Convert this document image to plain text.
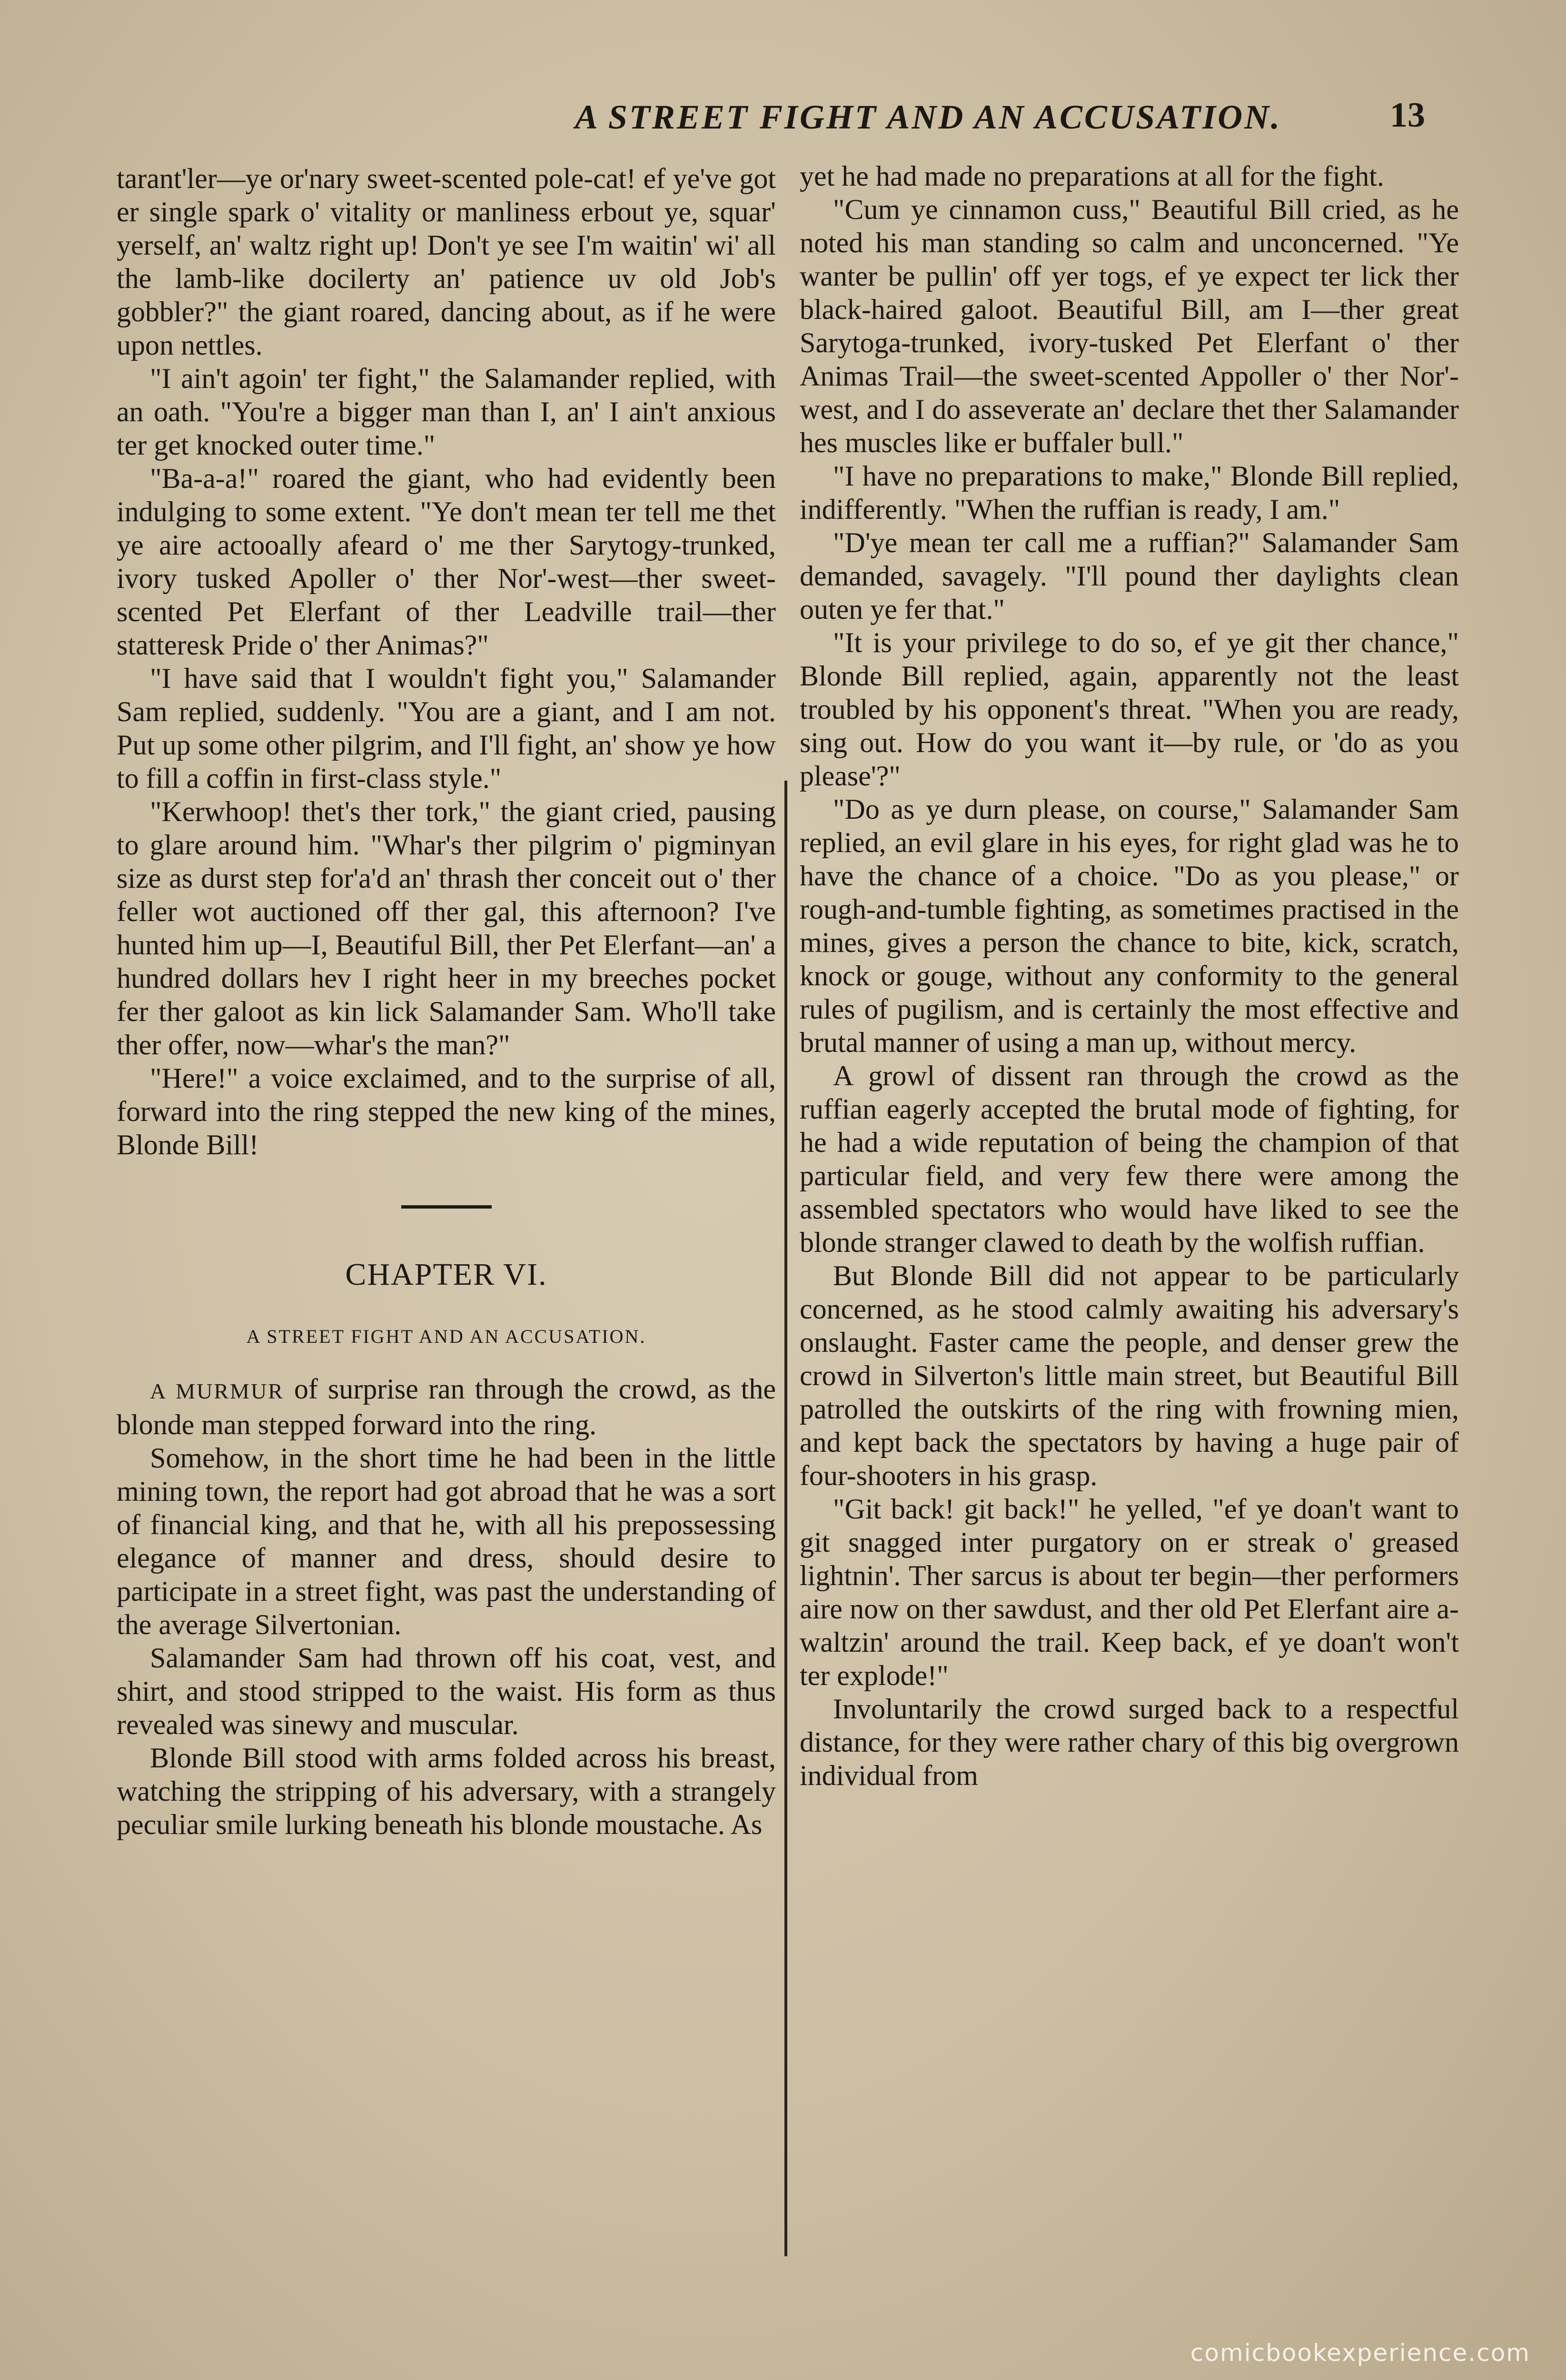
A STREET FIGHT AND AN ACCUSATION.	13

tarant'ler—ye or'nary sweet-scented pole-cat! ef ye've got er single spark o' vitality or manliness erbout ye, squar' yerself, an' waltz right up! Don't ye see I'm waitin' wi' all the lamb-like docilerty an' patience uv old Job's gobbler?" the giant roared, dancing about, as if he were upon nettles.

"I ain't agoin' ter fight," the Salamander replied, with an oath. "You're a bigger man than I, an' I ain't anxious ter get knocked outer time."

"Ba-a-a!" roared the giant, who had evidently been indulging to some extent. "Ye don't mean ter tell me thet ye aire actooally afeard o' me ther Sarytogy-trunked, ivory tusked Apoller o' ther Nor'-west—ther sweet-scented Pet Elerfant of ther Leadville trail—ther statteresk Pride o' ther Animas?"

"I have said that I wouldn't fight you," Salamander Sam replied, suddenly. "You are a giant, and I am not. Put up some other pilgrim, and I'll fight, an' show ye how to fill a coffin in first-class style."

"Kerwhoop! thet's ther tork," the giant cried, pausing to glare around him. "Whar's ther pilgrim o' pigminyan size as durst step for'a'd an' thrash ther conceit out o' ther feller wot auctioned off ther gal, this afternoon? I've hunted him up—I, Beautiful Bill, ther Pet Elerfant—an' a hundred dollars hev I right heer in my breeches pocket fer ther galoot as kin lick Salamander Sam. Who'll take ther offer, now—whar's the man?"

"Here!" a voice exclaimed, and to the surprise of all, forward into the ring stepped the new king of the mines, Blonde Bill!

CHAPTER VI.
A STREET FIGHT AND AN ACCUSATION.

A MURMUR of surprise ran through the crowd, as the blonde man stepped forward into the ring.

Somehow, in the short time he had been in the little mining town, the report had got abroad that he was a sort of financial king, and that he, with all his prepossessing elegance of manner and dress, should desire to participate in a street fight, was past the understanding of the average Silvertonian.

Salamander Sam had thrown off his coat, vest, and shirt, and stood stripped to the waist. His form as thus revealed was sinewy and muscular.

Blonde Bill stood with arms folded across his breast, watching the stripping of his adversary, with a strangely peculiar smile lurking beneath his blonde moustache. As

yet he had made no preparations at all for the fight.

"Cum ye cinnamon cuss," Beautiful Bill cried, as he noted his man standing so calm and unconcerned. "Ye wanter be pullin' off yer togs, ef ye expect ter lick ther black-haired galoot. Beautiful Bill, am I—ther great Sarytoga-trunked, ivory-tusked Pet Elerfant o' ther Animas Trail—the sweet-scented Appoller o' ther Nor'-west, and I do asseverate an' declare thet ther Salamander hes muscles like er buffaler bull."

"I have no preparations to make," Blonde Bill replied, indifferently. "When the ruffian is ready, I am."

"D'ye mean ter call me a ruffian?" Salamander Sam demanded, savagely. "I'll pound ther daylights clean outen ye fer that."

"It is your privilege to do so, ef ye git ther chance," Blonde Bill replied, again, apparently not the least troubled by his opponent's threat. "When you are ready, sing out. How do you want it—by rule, or 'do as you please'?"

"Do as ye durn please, on course," Salamander Sam replied, an evil glare in his eyes, for right glad was he to have the chance of a choice. "Do as you please," or rough-and-tumble fighting, as sometimes practised in the mines, gives a person the chance to bite, kick, scratch, knock or gouge, without any conformity to the general rules of pugilism, and is certainly the most effective and brutal manner of using a man up, without mercy.

A growl of dissent ran through the crowd as the ruffian eagerly accepted the brutal mode of fighting, for he had a wide reputation of being the champion of that particular field, and very few there were among the assembled spectators who would have liked to see the blonde stranger clawed to death by the wolfish ruffian.

But Blonde Bill did not appear to be particularly concerned, as he stood calmly awaiting his adversary's onslaught. Faster came the people, and denser grew the crowd in Silverton's little main street, but Beautiful Bill patrolled the outskirts of the ring with frowning mien, and kept back the spectators by having a huge pair of four-shooters in his grasp.

"Git back! git back!" he yelled, "ef ye doan't want to git snagged inter purgatory on er streak o' greased lightnin'. Ther sarcus is about ter begin—ther performers aire now on ther sawdust, and ther old Pet Elerfant aire a-waltzin' around the trail. Keep back, ef ye doan't won't ter explode!"

Involuntarily the crowd surged back to a respectful distance, for they were rather chary of this big overgrown individual from

comicbookexperience.com
